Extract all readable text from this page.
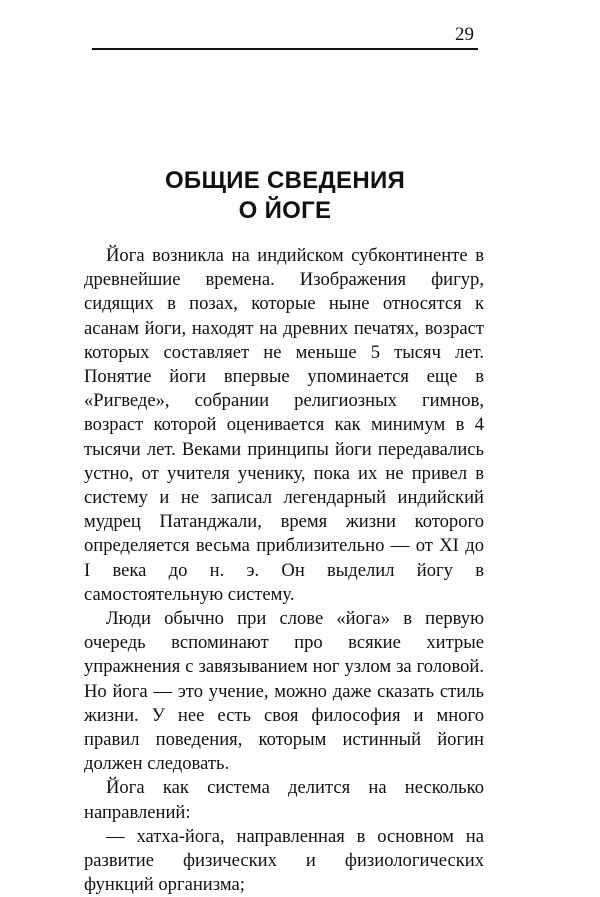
29
ОБЩИЕ СВЕДЕНИЯ
О ЙОГЕ

Йога возникла на индийском субконтиненте в древнейшие времена. Изображения фигур, сидящих в позах, которые ныне относятся к асанам йоги, находят на древних печатях, возраст которых составляет не меньше 5 тысяч лет. Понятие йоги впервые упоминается еще в «Ригведе», собрании религиозных гимнов, возраст которой оценивается как минимум в 4 тысячи лет. Веками принципы йоги передавались устно, от учителя ученику, пока их не привел в систему и не записал легендарный индийский мудрец Патанджали, время жизни которого определяется весьма приблизительно — от XI до I века до н. э. Он выделил йогу в самостоятельную систему.

Люди обычно при слове «йога» в первую очередь вспоминают про всякие хитрые упражнения с завязыванием ног узлом за головой. Но йога — это учение, можно даже сказать стиль жизни. У нее есть своя философия и много правил поведения, которым истинный йогин должен следовать.

Йога как система делится на несколько направлений:

— хатха-йога, направленная в основном на развитие физических и физиологических функций организма;
